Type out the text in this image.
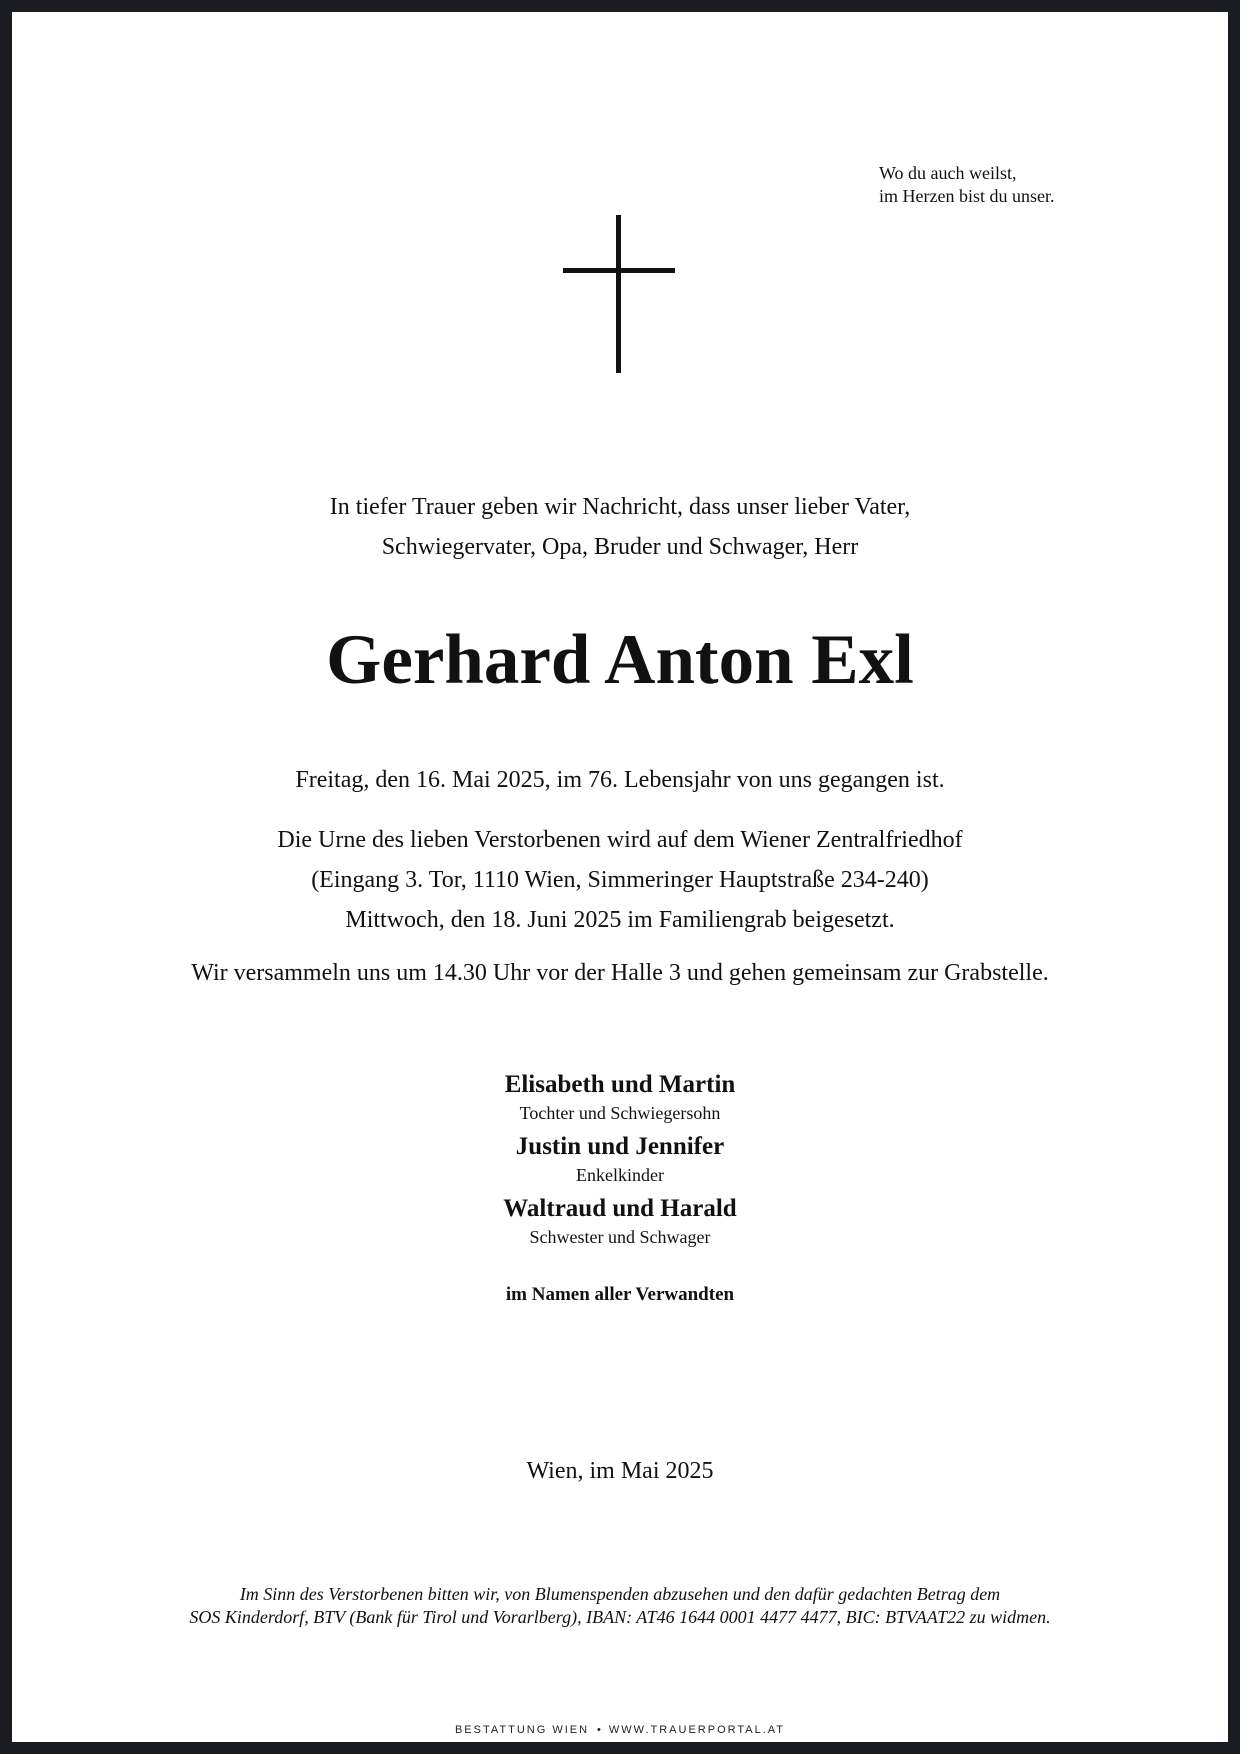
Wo du auch weilst,
im Herzen bist du unser.
In tiefer Trauer geben wir Nachricht, dass unser lieber Vater,
Schwiegervater, Opa, Bruder und Schwager, Herr
Gerhard Anton Exl
Freitag, den 16. Mai 2025, im 76. Lebensjahr von uns gegangen ist.
Die Urne des lieben Verstorbenen wird auf dem Wiener Zentralfriedhof
(Eingang 3. Tor, 1110 Wien, Simmeringer Hauptstraße 234-240)
Mittwoch, den 18. Juni 2025 im Familiengrab beigesetzt.
Wir versammeln uns um 14.30 Uhr vor der Halle 3 und gehen gemeinsam zur Grabstelle.
Elisabeth und Martin
Tochter und Schwiegersohn
Justin und Jennifer
Enkelkinder
Waltraud und Harald
Schwester und Schwager
im Namen aller Verwandten
Wien, im Mai 2025
Im Sinn des Verstorbenen bitten wir, von Blumenspenden abzusehen und den dafür gedachten Betrag dem
SOS Kinderdorf, BTV (Bank für Tirol und Vorarlberg), IBAN: AT46 1644 0001 4477 4477, BIC: BTVAAT22 zu widmen.
BESTATTUNG WIEN • WWW.TRAUERPORTAL.AT
